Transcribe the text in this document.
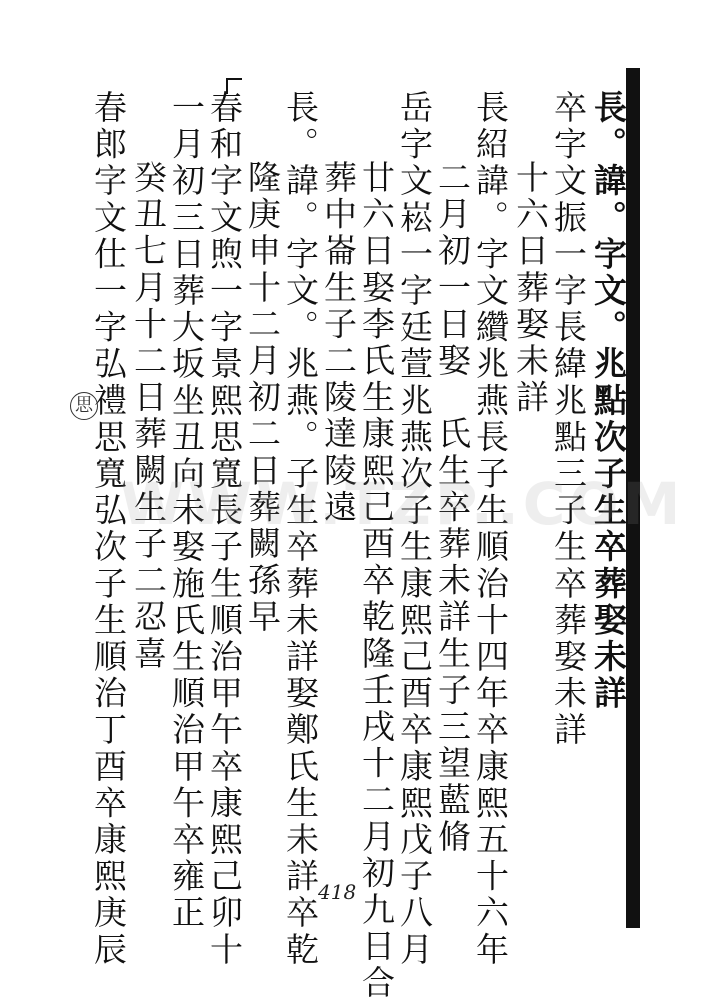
長。諱。字文。兆點次子生卒葬娶未詳
卒字文振一字長緯兆點三子生卒葬娶未詳
十六日葬娶未詳
長紹諱。字文纘兆燕長子生順治十四年卒康熙五十六年
二月初一日娶　氏生卒葬未詳生子三望藍脩
岳字文崧一字廷萱兆燕次子生康熙己酉卒康熙戊子八月
廿六日娶李氏生康熙己酉卒乾隆壬戌十二月初九日合
葬中崙生子二陵達陵遠
長。諱。字文。兆燕。子生卒葬未詳娶鄭氏生未詳卒乾
隆庚申十二月初二日葬闕孫早
春和字文煦一字景熙思寬長子生順治甲午卒康熙己卯十
一月初三日葬大坂坐丑向未娶施氏生順治甲午卒雍正
癸丑七月十二日葬闕生子二忍喜
春郎字文仕一字弘禮思寬弘次子生順治丁酉卒康熙庚辰
思
WWW.TZP..COM
418
